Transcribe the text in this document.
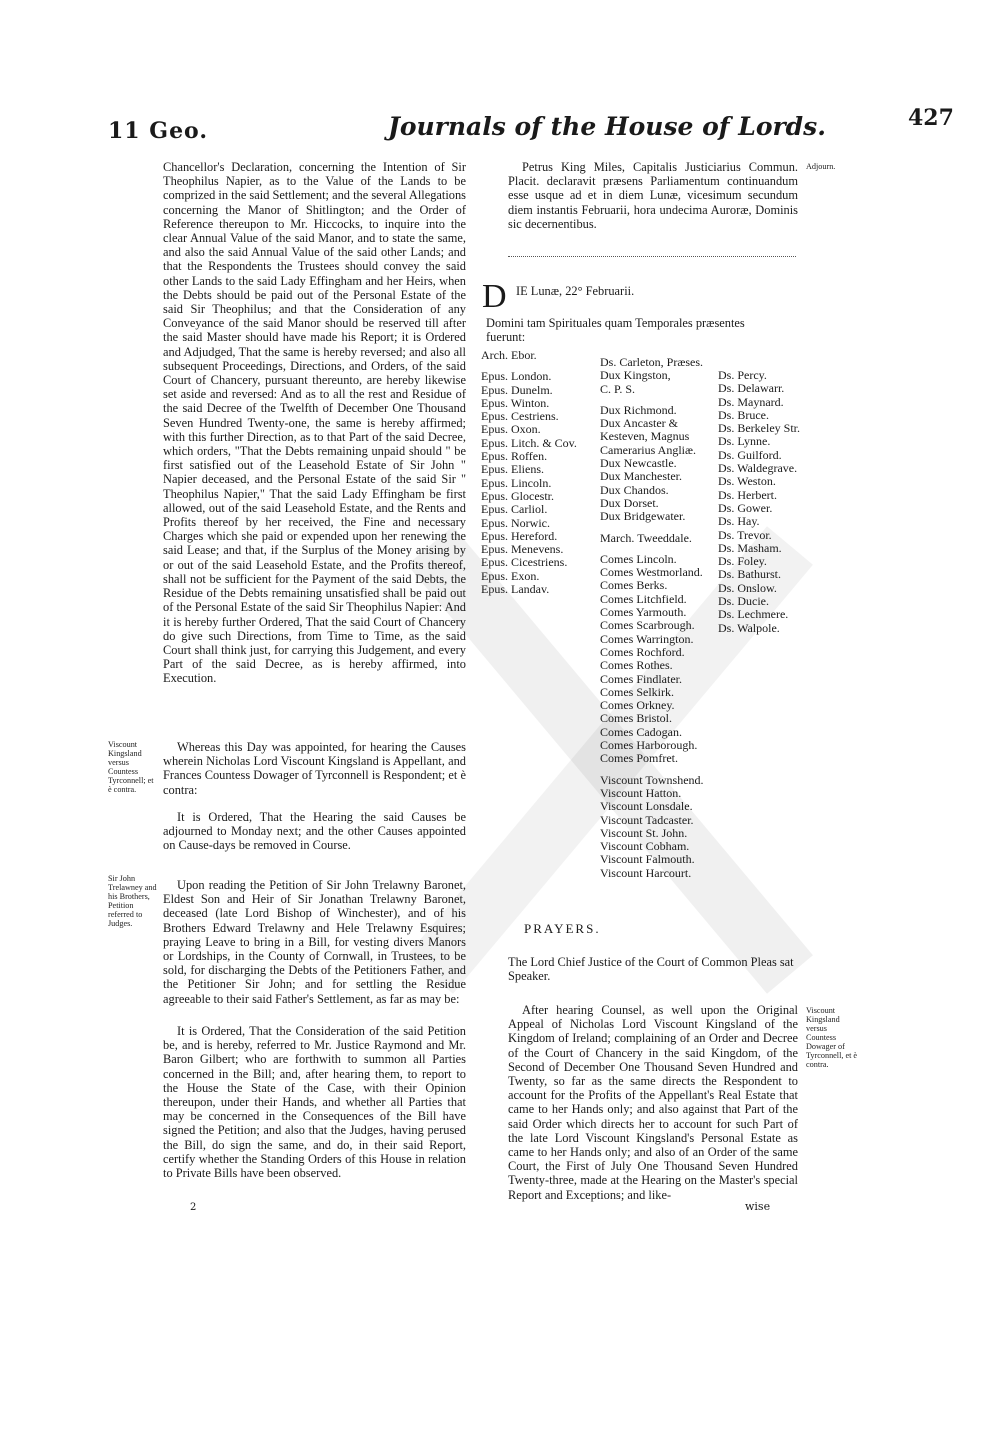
11 Geo.	Journals of the House of Lords.	427

Chancellor's Declaration, concerning the Intention of Sir Theophilus Napier, as to the Value of the Lands to be comprized in the said Settlement; and the several Allegations concerning the Manor of Shitlington; and the Order of Reference thereupon to Mr. Hiccocks, to inquire into the clear Annual Value of the said Manor, and to state the same, and also the said Annual Value of the said other Lands; and that the Respondents the Trustees should convey the said other Lands to the said Lady Effingham and her Heirs, when the Debts should be paid out of the Personal Estate of the said Sir Theophilus; and that the Consideration of any Conveyance of the said Manor should be reserved till after the said Master should have made his Report; it is Ordered and Adjudged, That the same is hereby reversed; and also all subsequent Proceedings, Directions, and Orders, of the said Court of Chancery, pursuant thereunto, are hereby likewise set aside and reversed: And as to all the rest and Residue of the said Decree of the Twelfth of December One Thousand Seven Hundred Twenty-one, the same is hereby affirmed; with this further Direction, as to that Part of the said Decree, which orders, "That the Debts remaining unpaid should " be first satisfied out of the Leasehold Estate of Sir John " Napier deceased, and the Personal Estate of the said Sir " Theophilus Napier," That the said Lady Effingham be first allowed, out of the said Leasehold Estate, and the Rents and Profits thereof by her received, the Fine and necessary Charges which she paid or expended upon her renewing the said Lease; and that, if the Surplus of the Money arising by or out of the said Leasehold Estate, and the Profits thereof, shall not be sufficient for the Payment of the said Debts, the Residue of the Debts remaining unsatisfied shall be paid out of the Personal Estate of the said Sir Theophilus Napier: And it is hereby further Ordered, That the said Court of Chancery do give such Directions, from Time to Time, as the said Court shall think just, for carrying this Judgement, and every Part of the said Decree, as is hereby affirmed, into Execution.

Viscount Kingsland versus Countess Tyrconnell; et è contra.

Whereas this Day was appointed, for hearing the Causes wherein Nicholas Lord Viscount Kingsland is Appellant, and Frances Countess Dowager of Tyrconnell is Respondent; et è contra:

It is Ordered, That the Hearing the said Causes be adjourned to Monday next; and the other Causes appointed on Cause-days be removed in Course.

Sir John Trelawney and his Brothers, Petition referred to Judges.

Upon reading the Petition of Sir John Trelawny Baronet, Eldest Son and Heir of Sir Jonathan Trelawny Baronet, deceased (late Lord Bishop of Winchester), and of his Brothers Edward Trelawny and Hele Trelawny Esquires; praying Leave to bring in a Bill, for vesting divers Manors or Lordships, in the County of Cornwall, in Trustees, to be sold, for discharging the Debts of the Petitioners Father, and the Petitioner Sir John; and for settling the Residue agreeable to their said Father's Settlement, as far as may be:

It is Ordered, That the Consideration of the said Petition be, and is hereby, referred to Mr. Justice Raymond and Mr. Baron Gilbert; who are forthwith to summon all Parties concerned in the Bill; and, after hearing them, to report to the House the State of the Case, with their Opinion thereupon, under their Hands, and whether all Parties that may be concerned in the Consequences of the Bill have signed the Petition; and also that the Judges, having perused the Bill, do sign the same, and do, in their said Report, certify whether the Standing Orders of this House in relation to Private Bills have been observed.

2

Petrus King Miles, Capitalis Justiciarius Commun. Placit. declaravit præsens Parliamentum continuandum esse usque ad et in diem Lunæ, vicesimum secundum diem instantis Februarii, hora undecima Auroræ, Dominis sic decernentibus.

Adjourn.
D IE Lunæ, 22° Februarii.
Domini tam Spirituales quam Temporales præsentes fuerunt:
Arch. Ebor.
Epus. London.
Epus. Dunelm.
Epus. Winton.
Epus. Cestriens.
Epus. Oxon.
Epus. Litch. & Cov.
Epus. Roffen.
Epus. Eliens.
Epus. Lincoln.
Epus. Glocestr.
Epus. Carliol.
Epus. Norwic.
Epus. Hereford.
Epus. Menevens.
Epus. Cicestriens.
Epus. Exon.
Epus. Landav.
Ds. Carleton, Præses.
Dux Kingston,
C. P. S.
Dux Richmond.
Dux Ancaster &
Kesteven, Magnus
Camerarius Angliæ.
Dux Newcastle.
Dux Manchester.
Dux Chandos.
Dux Dorset.
Dux Bridgewater.
March. Tweeddale.
Comes Lincoln.
Comes Westmorland.
Comes Berks.
Comes Litchfield.
Comes Yarmouth.
Comes Scarbrough.
Comes Warrington.
Comes Rochford.
Comes Rothes.
Comes Findlater.
Comes Selkirk.
Comes Orkney.
Comes Bristol.
Comes Cadogan.
Comes Harborough.
Comes Pomfret.
Viscount Townshend.
Viscount Hatton.
Viscount Lonsdale.
Viscount Tadcaster.
Viscount St. John.
Viscount Cobham.
Viscount Falmouth.
Viscount Harcourt.
Ds. Percy.
Ds. Delawarr.
Ds. Maynard.
Ds. Bruce.
Ds. Berkeley Str.
Ds. Lynne.
Ds. Guilford.
Ds. Waldegrave.
Ds. Weston.
Ds. Herbert.
Ds. Gower.
Ds. Hay.
Ds. Trevor.
Ds. Masham.
Ds. Foley.
Ds. Bathurst.
Ds. Onslow.
Ds. Ducie.
Ds. Lechmere.
Ds. Walpole.
PRAYERS.
The Lord Chief Justice of the Court of Common Pleas sat Speaker.

After hearing Counsel, as well upon the Original Appeal of Nicholas Lord Viscount Kingsland of the Kingdom of Ireland; complaining of an Order and Decree of the Court of Chancery in the said Kingdom, of the Second of December One Thousand Seven Hundred and Twenty, so far as the same directs the Respondent to account for the Profits of the Appellant's Real Estate that came to her Hands only; and also against that Part of the said Order which directs her to account for such Part of the late Lord Viscount Kingsland's Personal Estate as came to her Hands only; and also of an Order of the same Court, the First of July One Thousand Seven Hundred Twenty-three, made at the Hearing on the Master's special Report and Exceptions; and like-

Viscount Kingsland versus Countess Dowager of Tyrconnell, et è contra.
wise
